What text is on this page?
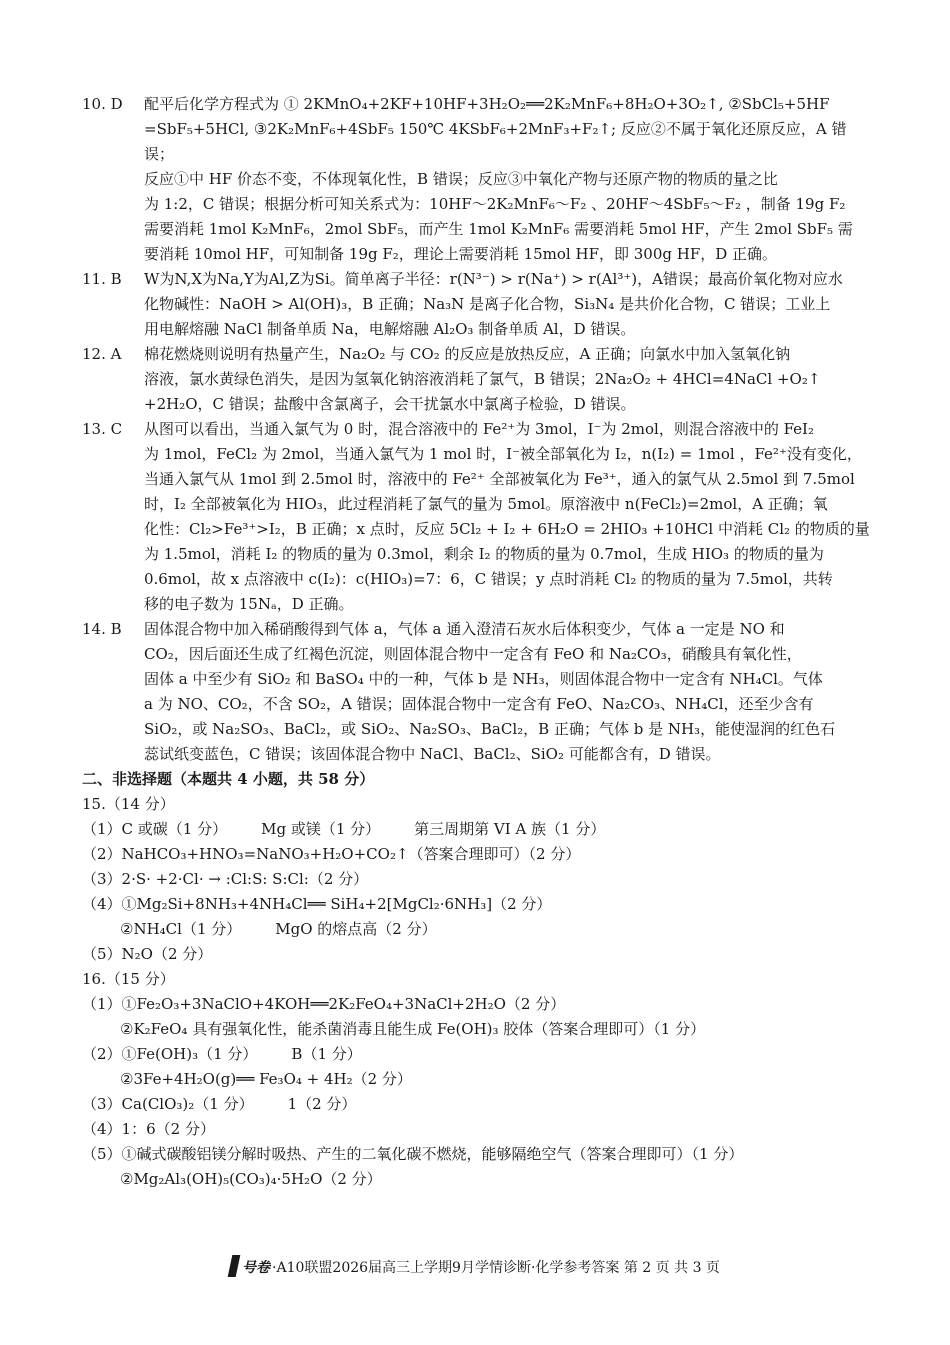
10. D	配平后化学方程式为 ① 2KMnO₄+2KF+10HF+3H₂O₂══2K₂MnF₆+8H₂O+3O₂↑, ②SbCl₅+5HF

=SbF₅+5HCl, ③2K₂MnF₆+4SbF₅ 150℃ 4KSbF₆+2MnF₃+F₂↑; 反应②不属于氧化还原反应，A 错误；

反应①中 HF 价态不变，不体现氧化性，B 错误；反应③中氧化产物与还原产物的物质的量之比

为 1:2，C 错误；根据分析可知关系式为：10HF～2K₂MnF₆～F₂ 、20HF～4SbF₅～F₂ ，制备 19g F₂

需要消耗 1mol K₂MnF₆，2mol SbF₅，而产生 1mol K₂MnF₆ 需要消耗 5mol HF，产生 2mol SbF₅ 需

要消耗 10mol HF，可知制备 19g F₂，理论上需要消耗 15mol HF，即 300g HF，D 正确。

11. B	W为N,X为Na,Y为Al,Z为Si。简单离子半径：r(N³⁻) > r(Na⁺) > r(Al³⁺)，A错误；最高价氧化物对应水

化物碱性：NaOH > Al(OH)₃，B 正确；Na₃N 是离子化合物，Si₃N₄ 是共价化合物，C 错误；工业上

用电解熔融 NaCl 制备单质 Na，电解熔融 Al₂O₃ 制备单质 Al，D 错误。

12. A	棉花燃烧则说明有热量产生，Na₂O₂ 与 CO₂ 的反应是放热反应，A 正确；向氯水中加入氢氧化钠

溶液，氯水黄绿色消失，是因为氢氧化钠溶液消耗了氯气，B 错误；2Na₂O₂ + 4HCl=4NaCl +O₂↑

+2H₂O，C 错误；盐酸中含氯离子，会干扰氯水中氯离子检验，D 错误。

13. C	从图可以看出，当通入氯气为 0 时，混合溶液中的 Fe²⁺为 3mol，I⁻为 2mol，则混合溶液中的 FeI₂

为 1mol，FeCl₂ 为 2mol，当通入氯气为 1 mol 时，I⁻被全部氧化为 I₂，n(I₂) = 1mol ，Fe²⁺没有变化，

当通入氯气从 1mol 到 2.5mol 时，溶液中的 Fe²⁺ 全部被氧化为 Fe³⁺，通入的氯气从 2.5mol 到 7.5mol

时，I₂ 全部被氧化为 HIO₃，此过程消耗了氯气的量为 5mol。原溶液中 n(FeCl₂)=2mol，A 正确；氧

化性：Cl₂>Fe³⁺>I₂，B 正确；x 点时，反应 5Cl₂ + I₂ + 6H₂O = 2HIO₃ +10HCl 中消耗 Cl₂ 的物质的量

为 1.5mol，消耗 I₂ 的物质的量为 0.3mol，剩余 I₂ 的物质的量为 0.7mol，生成 HIO₃ 的物质的量为

0.6mol，故 x 点溶液中 c(I₂)：c(HIO₃)=7：6，C 错误；y 点时消耗 Cl₂ 的物质的量为 7.5mol，共转

移的电子数为 15Nₐ，D 正确。

14. B	固体混合物中加入稀硝酸得到气体 a，气体 a 通入澄清石灰水后体积变少，气体 a 一定是 NO 和

CO₂，因后面还生成了红褐色沉淀，则固体混合物中一定含有 FeO 和 Na₂CO₃，硝酸具有氧化性，

固体 a 中至少有 SiO₂ 和 BaSO₄ 中的一种，气体 b 是 NH₃，则固体混合物中一定含有 NH₄Cl。气体

a 为 NO、CO₂，不含 SO₂，A 错误；固体混合物中一定含有 FeO、Na₂CO₃、NH₄Cl，还至少含有

SiO₂，或 Na₂SO₃、BaCl₂，或 SiO₂、Na₂SO₃、BaCl₂，B 正确；气体 b 是 NH₃，能使湿润的红色石

蕊试纸变蓝色，C 错误；该固体混合物中 NaCl、BaCl₂、SiO₂ 可能都含有，D 错误。

二、非选择题（本题共 4 小题，共 58 分）

15.（14 分）

（1）C 或碳（1 分） Mg 或镁（1 分） 第三周期第 VI A 族（1 分）

（2）NaHCO₃+HNO₃=NaNO₃+H₂O+CO₂↑（答案合理即可）（2 分）

（3）2·S· +2·Cl· → :Cl:S: S:Cl:（2 分）

（4）①Mg₂Si+8NH₃+4NH₄Cl══ SiH₄+2[MgCl₂·6NH₃]（2 分）

②NH₄Cl（1 分） MgO 的熔点高（2 分）

（5）N₂O（2 分）

16.（15 分）

（1）①Fe₂O₃+3NaClO+4KOH══2K₂FeO₄+3NaCl+2H₂O（2 分）

②K₂FeO₄ 具有强氧化性，能杀菌消毒且能生成 Fe(OH)₃ 胶体（答案合理即可）（1 分）

（2）①Fe(OH)₃（1 分） B（1 分）

②3Fe+4H₂O(g)══ Fe₃O₄ + 4H₂（2 分）

（3）Ca(ClO₃)₂（1 分） 1（2 分）

（4）1：6（2 分）

（5）①碱式碳酸铝镁分解时吸热、产生的二氧化碳不燃烧，能够隔绝空气（答案合理即可）（1 分）

②Mg₂Al₃(OH)₅(CO₃)₄·5H₂O（2 分）

号卷 ·A10联盟2026届高三上学期9月学情诊断·化学参考答案 第 2 页 共 3 页
